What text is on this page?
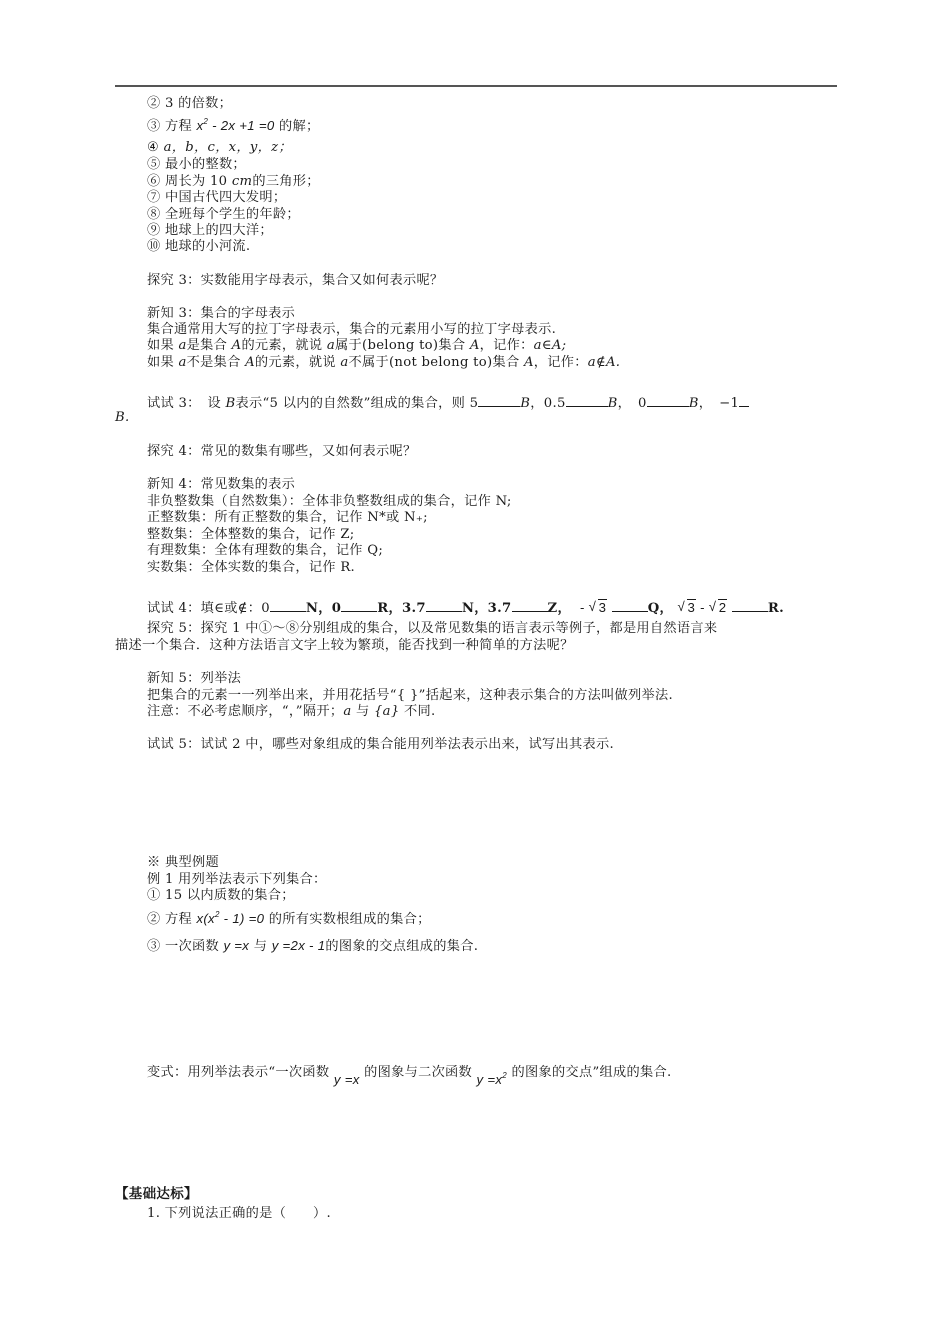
② 3 的倍数；
③ 方程 $x^2 - 2x +1 =0$ 的解；
④ a，b，c，x，y，z；
⑤ 最小的整数；
⑥ 周长为 10 cm的三角形；
⑦ 中国古代四大发明；
⑧ 全班每个学生的年龄；
⑨ 地球上的四大洋；
⑩ 地球的小河流.
探究 3：实数能用字母表示，集合又如何表示呢？
新知 3：集合的字母表示
集合通常用大写的拉丁字母表示，集合的元素用小写的拉丁字母表示.
如果 a是集合 A的元素，就说 a属于(belong to)集合 A，记作：a∈A;
如果 a不是集合 A的元素，就说 a不属于(not belong to)集合 A，记作：a∉A.
试试 3：　设 B表示“5 以内的自然数”组成的集合，则 5	B，0.5	B，　0	B，　−1
B.
探究 4：常见的数集有哪些，又如何表示呢？
新知 4：常见数集的表示
非负整数集（自然数集）：全体非负整数组成的集合，记作 N;
正整数集：所有正整数的集合，记作 N*或 N₊;
整数集：全体整数的集合，记作 Z;
有理数集：全体有理数的集合，记作 Q;
实数集：全体实数的集合，记作 R.
试试 4：填∈或∉：0	N，0	R，3.7	N，3.7	Z， - √ 3	Q， √ 3 - √ 2	R.
探究 5：探究 1 中①～⑧分别组成的集合，以及常见数集的语言表示等例子，都是用自然语言来
描述一个集合．这种方法语言文字上较为繁琐，能否找到一种简单的方法呢？
新知 5：列举法
把集合的元素一一列举出来，并用花括号“{ }”括起来，这种表示集合的方法叫做列举法.
注意：不必考虑顺序，“，”隔开；a 与 {a} 不同.
试试 5：试试 2 中，哪些对象组成的集合能用列举法表示出来，试写出其表示.
※ 典型例题
例 1 用列举法表示下列集合：
① 15 以内质数的集合；
② 方程 $x(x^2 - 1) =0$ 的所有实数根组成的集合；
③ 一次函数 y =x 与 y =2x - 1的图象的交点组成的集合.
变式：用列举法表示“一次函数 y =x 的图象与二次函数 $y =x^2$ 的图象的交点”组成的集合.
【基础达标】
1. 下列说法正确的是（　　）.
